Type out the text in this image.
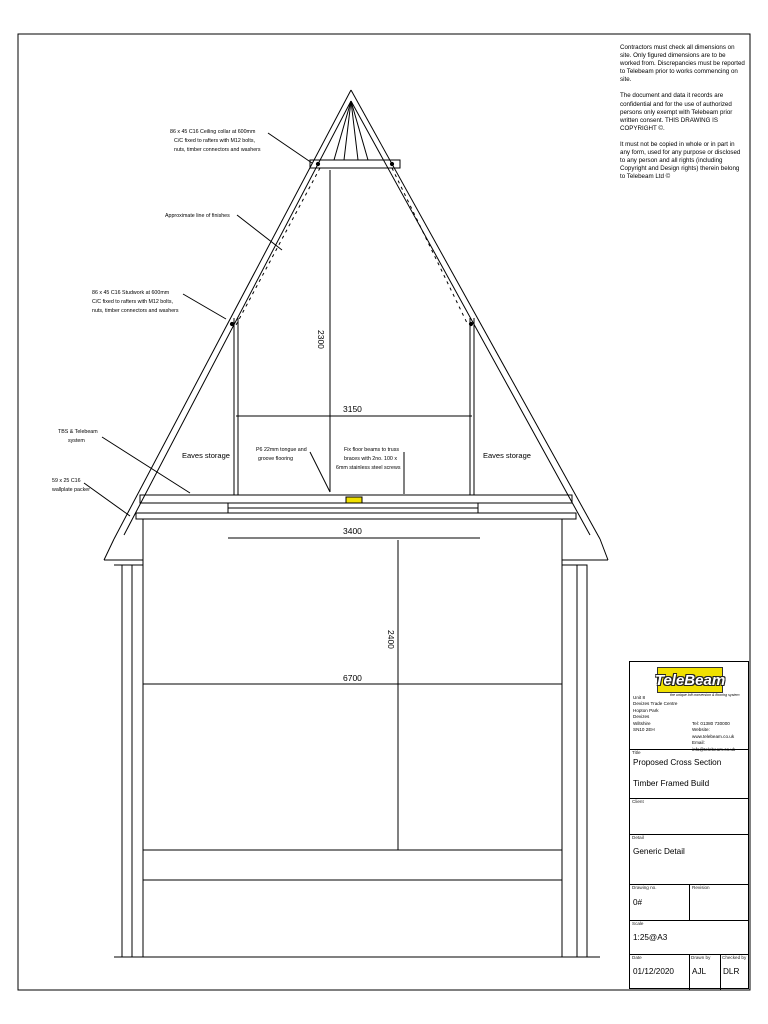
86 x 45 C16 Ceiling collar at 600mm
C/C fixed to rafters with M12 bolts,
nuts, timber connectors and washers
Approximate line of finishes
86 x 45 C16 Studwork at 600mm
C/C fixed to rafters with M12 bolts,
nuts, timber connectors and washers
TBS & Telebeam
system
59 x 25 C16
wallplate packer
P6 22mm tongue and
groove flooring
Fix floor beams to truss
braces with 2no. 100 x
6mm stainless steel screws
Eaves storage	Eaves storage
3150
2300
3400
6700
2400

Contractors must check all dimensions on site. Only figured dimensions are to be worked from. Discrepancies must be reported to Telebeam prior to works commencing on site.

The document and data it records are confidential and for the use of authorized persons only exempt with Telebeam prior written consent. THIS DRAWING IS COPYRIGHT ©.

It must not be copied in whole or in part in any form, used for any purpose or disclosed to any person and all rights (including Copyright and Design rights) therein belong to Telebeam Ltd ©

TeleBeam
the unique loft conversion & flooring system
Unit 8
Devizes Trade Centre
Hopton Park
Devizes
Wiltshire
SN10 2EH
Tel: 01380 730000
Website: www.telebeam.co.uk
Email: info@telebeam.co.uk
Title
Proposed Cross Section
Timber Framed Build
Client
Detail
Generic Detail
Drawing no.
0#
Revision
Scale
1:25@A3
Date
01/12/2020
Drawn by
AJL
Checked by
DLR
